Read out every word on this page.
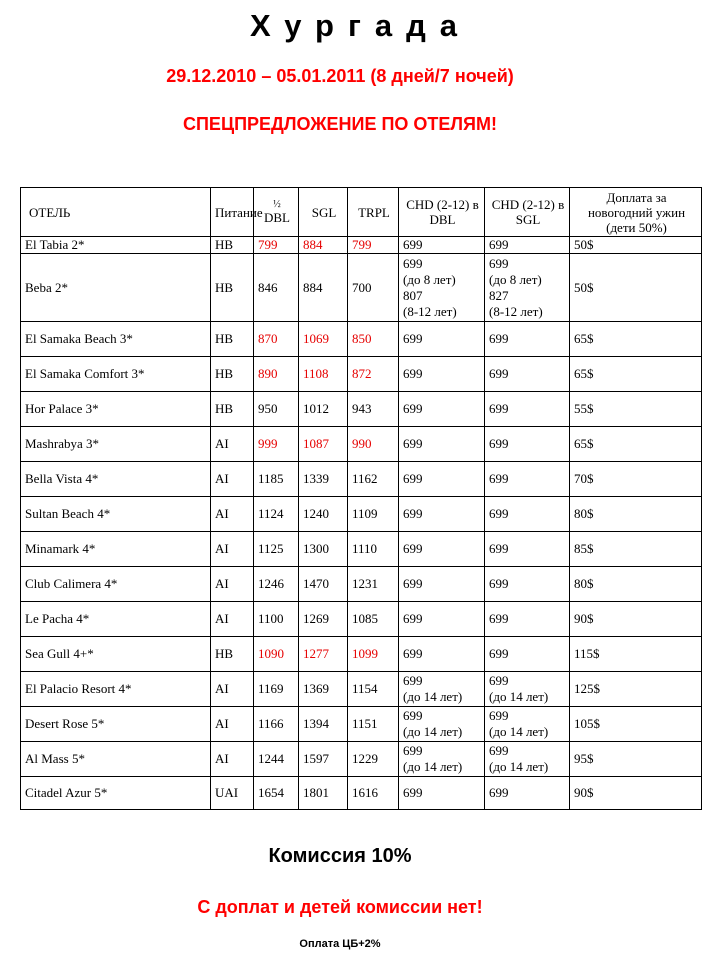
Хургада
29.12.2010 – 05.01.2011 (8 дней/7 ночей)
СПЕЦПРЕДЛОЖЕНИЕ ПО ОТЕЛЯМ!
ОТЕЛЬ	Питание	½
DBL	SGL	TRPL	CHD (2-12) в DBL	CHD (2-12) в SGL	Доплата за новогодний ужин (дети 50%)
El Tabia 2*	HB	799	884	799	699	699	50$
Beba 2*	HB	846	884	700	699
(до 8 лет)
807
(8-12 лет)	699
(до 8 лет)
827
(8-12 лет)	50$
El Samaka Beach 3*	HB	870	1069	850	699	699	65$
El Samaka Comfort 3*	HB	890	1108	872	699	699	65$
Hor Palace 3*	HB	950	1012	943	699	699	55$
Mashrabya 3*	AI	999	1087	990	699	699	65$
Bella Vista 4*	AI	1185	1339	1162	699	699	70$
Sultan Beach 4*	AI	1124	1240	1109	699	699	80$
Minamark 4*	AI	1125	1300	1110	699	699	85$
Club Calimera 4*	AI	1246	1470	1231	699	699	80$
Le Pacha 4*	AI	1100	1269	1085	699	699	90$
Sea Gull 4+*	HB	1090	1277	1099	699	699	115$
El Palacio Resort 4*	AI	1169	1369	1154	699
(до 14 лет)	699
(до 14 лет)	125$
Desert Rose 5*	AI	1166	1394	1151	699
(до 14 лет)	699
(до 14 лет)	105$
Al Mass 5*	AI	1244	1597	1229	699
(до 14 лет)	699
(до 14 лет)	95$
Citadel Azur 5*	UAI	1654	1801	1616	699	699	90$
Комиссия 10%
С доплат и детей комиссии нет!
Оплата ЦБ+2%
